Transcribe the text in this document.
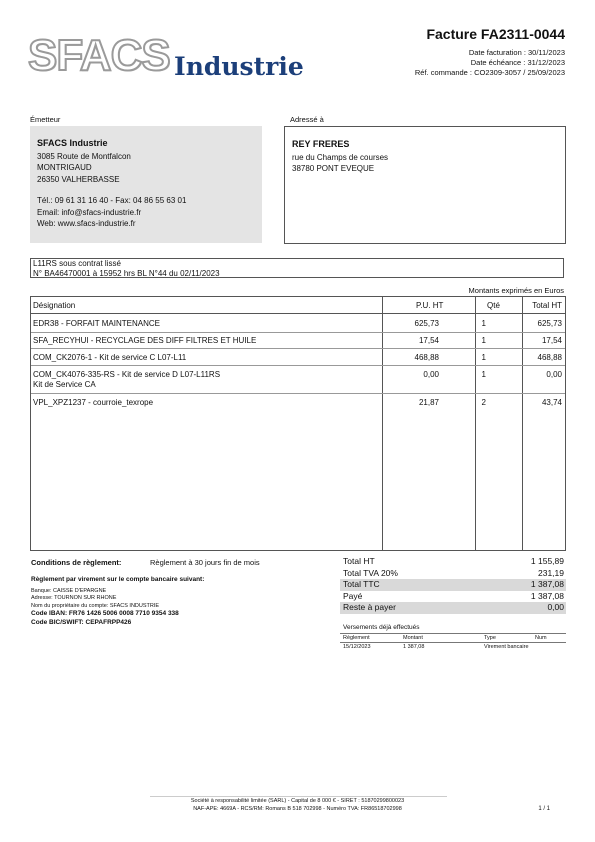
SFACS Industrie
Facture FA2311-0044
Date facturation : 30/11/2023
Date échéance : 31/12/2023
Réf. commande : CO2309-3057 / 25/09/2023
Émetteur	Adressé à
SFACS Industrie
3085 Route de Montfalcon
MONTRIGAUD
26350 VALHERBASSE
Tél.: 09 61 31 16 40 - Fax: 04 86 55 63 01
Email: info@sfacs-industrie.fr
Web: www.sfacs-industrie.fr
REY FRERES
rue du Champs de courses
38780 PONT EVEQUE
L11RS sous contrat lissé
N° BA46470001 à 15952 hrs BL N°44 du 02/11/2023
Montants exprimés en Euros
Désignation	P.U. HT	Qté	Total HT
EDR38 - FORFAIT MAINTENANCE	625,73	1	625,73
SFA_RECYHUI - RECYCLAGE DES DIFF FILTRES ET HUILE	17,54	1	17,54
COM_CK2076-1 - Kit de service C L07-L11	468,88	1	468,88
COM_CK4076-335-RS - Kit de service D L07-L11RS
Kit de Service CA
0,00	1	0,00
VPL_XPZ1237 - courroie_texrope	21,87	2	43,74
Conditions de règlement:	Règlement à 30 jours fin de mois
Règlement par virement sur le compte bancaire suivant:
Banque: CAISSE D'EPARGNE
Adresse: TOURNON SUR RHONE
Nom du propriétaire du compte: SFACS INDUSTRIE
Code IBAN: FR76 1426 5006 0008 7710 9354 338
Code BIC/SWIFT: CEPAFRPP426
Total HT	1 155,89
Total TVA 20%	231,19
Total TTC	1 387,08
Payé	1 387,08
Reste à payer	0,00
Versements déjà effectués
Règlement	Montant	Type	Num
15/12/2023	1 387,08	Virement bancaire
Société à responsabilité limitée (SARL) - Capital de 8 000 € - SIRET : 51870299800023
NAF-APE: 4669A - RCS/RM: Romans B 518 702998 - Numéro TVA: FR86518702998	1 / 1
